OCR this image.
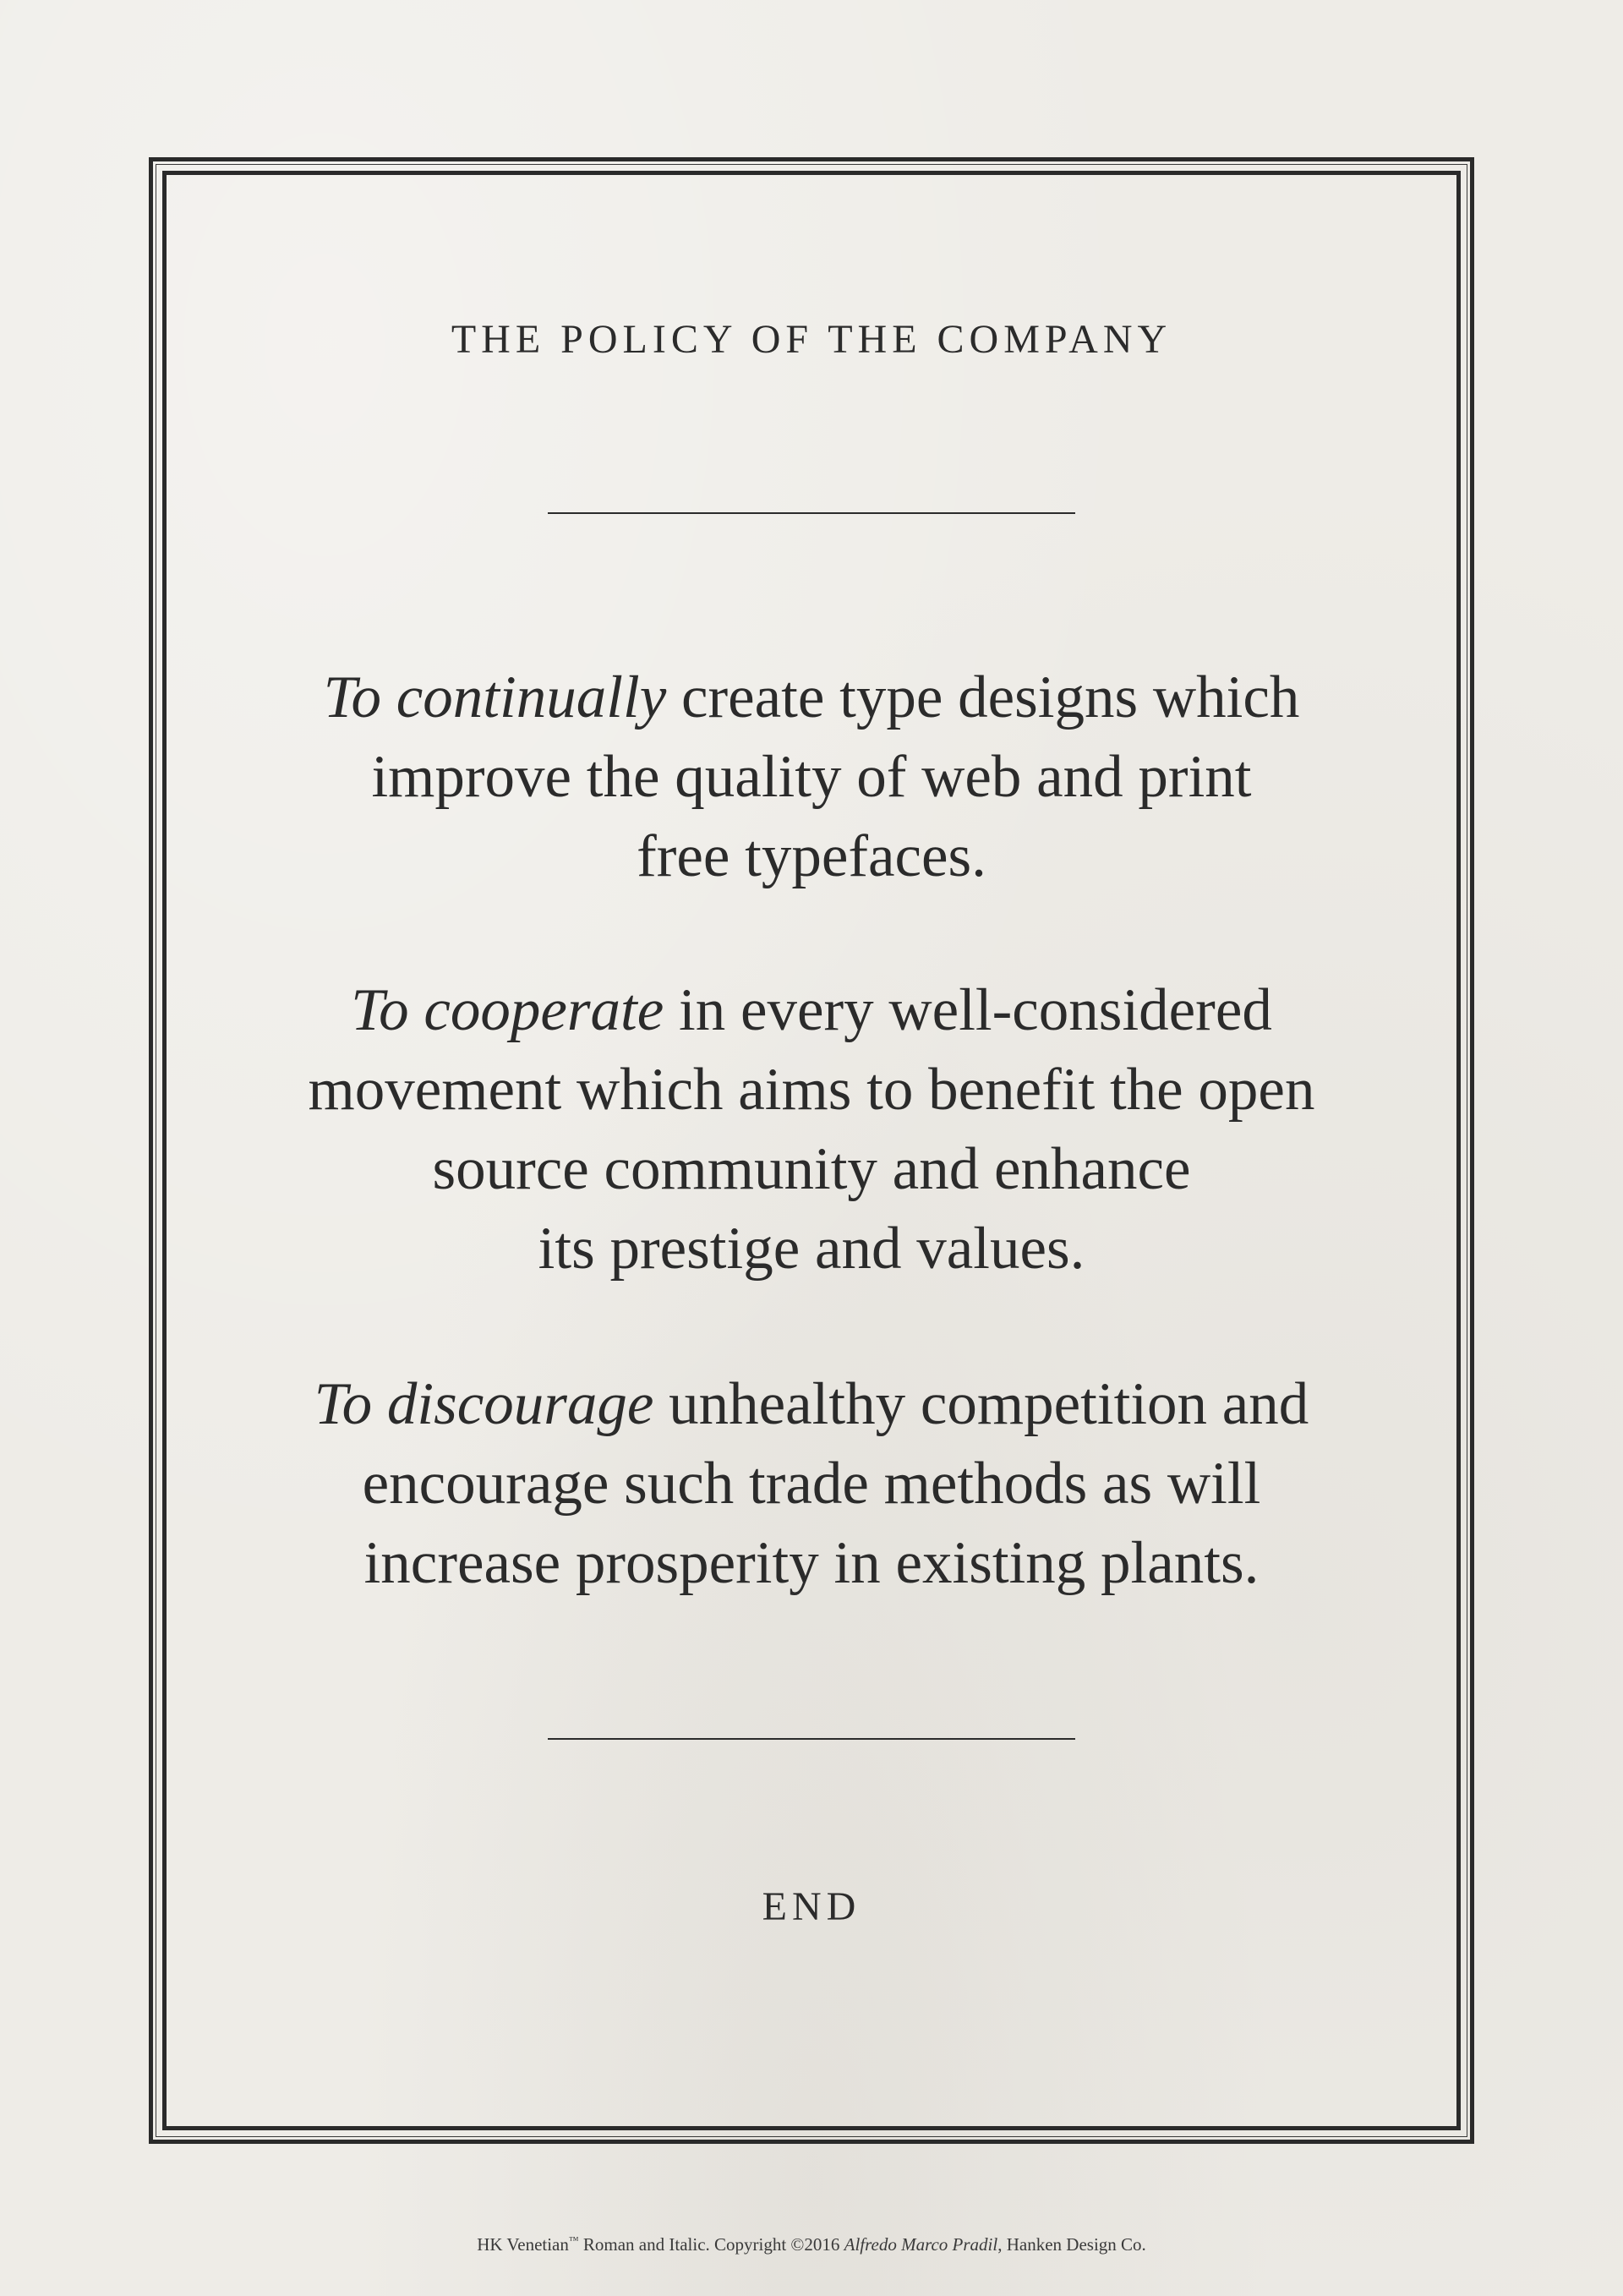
THE POLICY OF THE COMPANY
To continually create type designs which
improve the quality of web and print
free typefaces.
To cooperate in every well-considered
movement which aims to benefit the open
source community and enhance
its prestige and values.
To discourage unhealthy competition and
encourage such trade methods as will
increase prosperity in existing plants.
END
HK Venetian™ Roman and Italic. Copyright ©2016 Alfredo Marco Pradil, Hanken Design Co.
